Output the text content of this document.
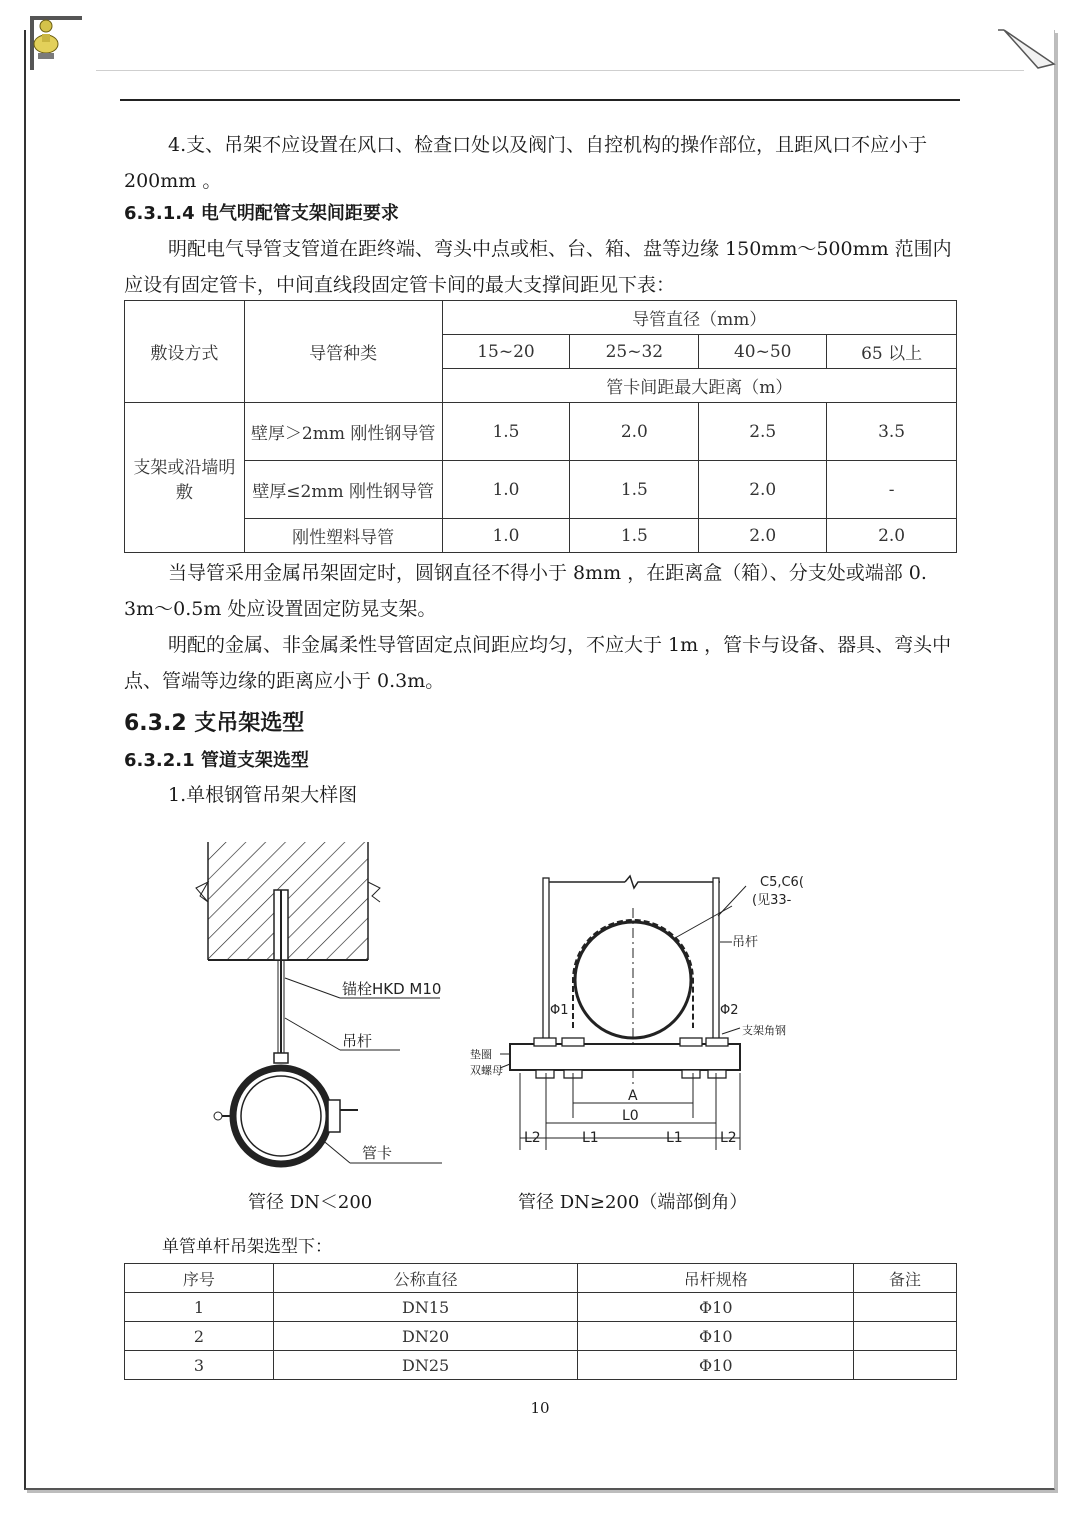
4.支、吊架不应设置在风口、检查口处以及阀门、自控机构的操作部位，且距风口不应小于 200mm 。

6.3.1.4 电气明配管支架间距要求

明配电气导管支管道在距终端、弯头中点或柜、台、箱、盘等边缘 150mm～500mm 范围内应设有固定管卡，中间直线段固定管卡间的最大支撑间距见下表：

敷设方式	导管种类	导管直径（mm）			
		15~20	25~32	40~50	65 以上
		管卡间距最大距离（m）			
支架或沿墙明敷	壁厚＞2mm 刚性钢导管	1.5	2.0	2.5	3.5
	壁厚≤2mm 刚性钢导管	1.0	1.5	2.0	-
	刚性塑料导管	1.0	1.5	2.0	2.0

当导管采用金属吊架固定时，圆钢直径不得小于 8mm ，在距离盒（箱）、分支处或端部 0. 3m～0.5m 处应设置固定防晃支架。

明配的金属、非金属柔性导管固定点间距应均匀，不应大于 1m ，管卡与设备、器具、弯头中点、管端等边缘的距离应小于 0.3m。

6.3.2 支吊架选型
6.3.2.1 管道支架选型

1.单根钢管吊架大样图

锚栓HKD M10
吊杆
管卡
管径 DN＜200
C5,C6(
(见33-
吊杆
Φ1	Φ2
支架角钢
垫圈
双螺母
A
L0
L1	L1
L2	L2
管径 DN≥200（端部倒角）
单管单杆吊架选型下：
序号	公称直径	吊杆规格	备注
1	DN15	Φ10	
2	DN20	Φ10	
3	DN25	Φ10	
10
